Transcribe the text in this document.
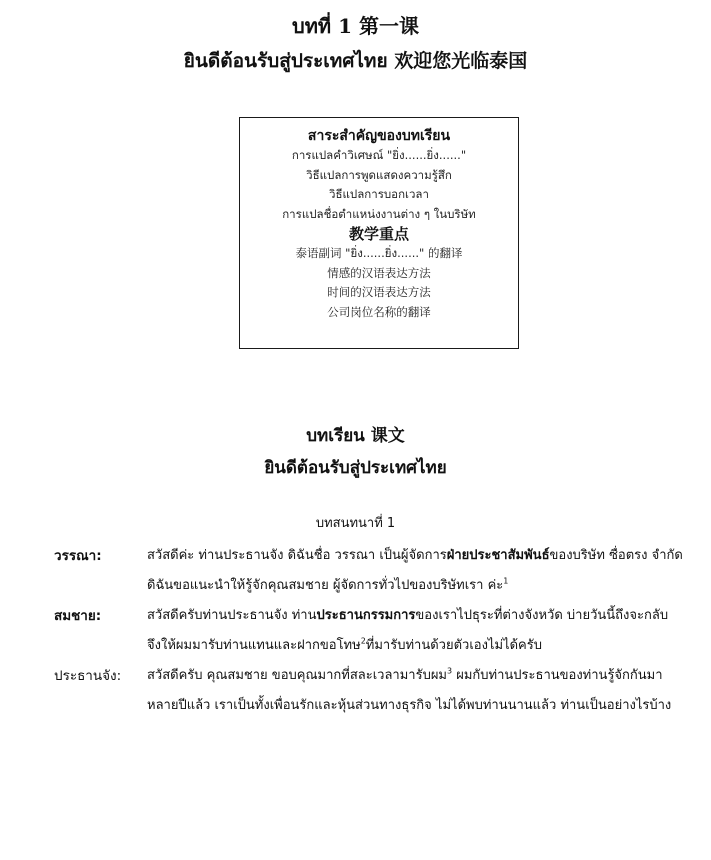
บทที่ 1 第一课
ยินดีต้อนรับสู่ประเทศไทย 欢迎您光临泰国
สาระสำคัญของบทเรียน
การแปลคำวิเศษณ์ "ยิ่ง......ยิ่ง......"
วิธีแปลการพูดแสดงความรู้สึก
วิธีแปลการบอกเวลา
การแปลชื่อตำแหน่งงานต่าง ๆ ในบริษัท
教学重点
泰语副词 "ยิ่ง......ยิ่ง......" 的翻译
情感的汉语表达方法
时间的汉语表达方法
公司岗位名称的翻译
บทเรียน 课文
ยินดีต้อนรับสู่ประเทศไทย
บทสนทนาที่ 1
วรรณา:	สวัสดีค่ะ ท่านประธานจัง ดิฉันชื่อ วรรณา เป็นผู้จัดการฝ่ายประชาสัมพันธ์ของบริษัท ซื่อตรง จำกัด ดิฉันขอแนะนำให้รู้จักคุณสมชาย ผู้จัดการทั่วไปของบริษัทเรา ค่ะ$^1$
สมชาย:	สวัสดีครับท่านประธานจัง ท่านประธานกรรมการของเราไปธุระที่ต่างจังหวัด บ่ายวันนี้ถึงจะกลับ จึงให้ผมมารับท่านแทนและฝากขอโทษ$^2$ที่มารับท่านด้วยตัวเองไม่ได้ครับ
ประธานจัง:	สวัสดีครับ คุณสมชาย ขอบคุณมากที่สละเวลามารับผม$^3$ ผมกับท่านประธานของท่านรู้จักกันมาหลายปีแล้ว เราเป็นทั้งเพื่อนรักและหุ้นส่วนทางธุรกิจ ไม่ได้พบท่านนานแล้ว ท่านเป็นอย่างไรบ้าง
